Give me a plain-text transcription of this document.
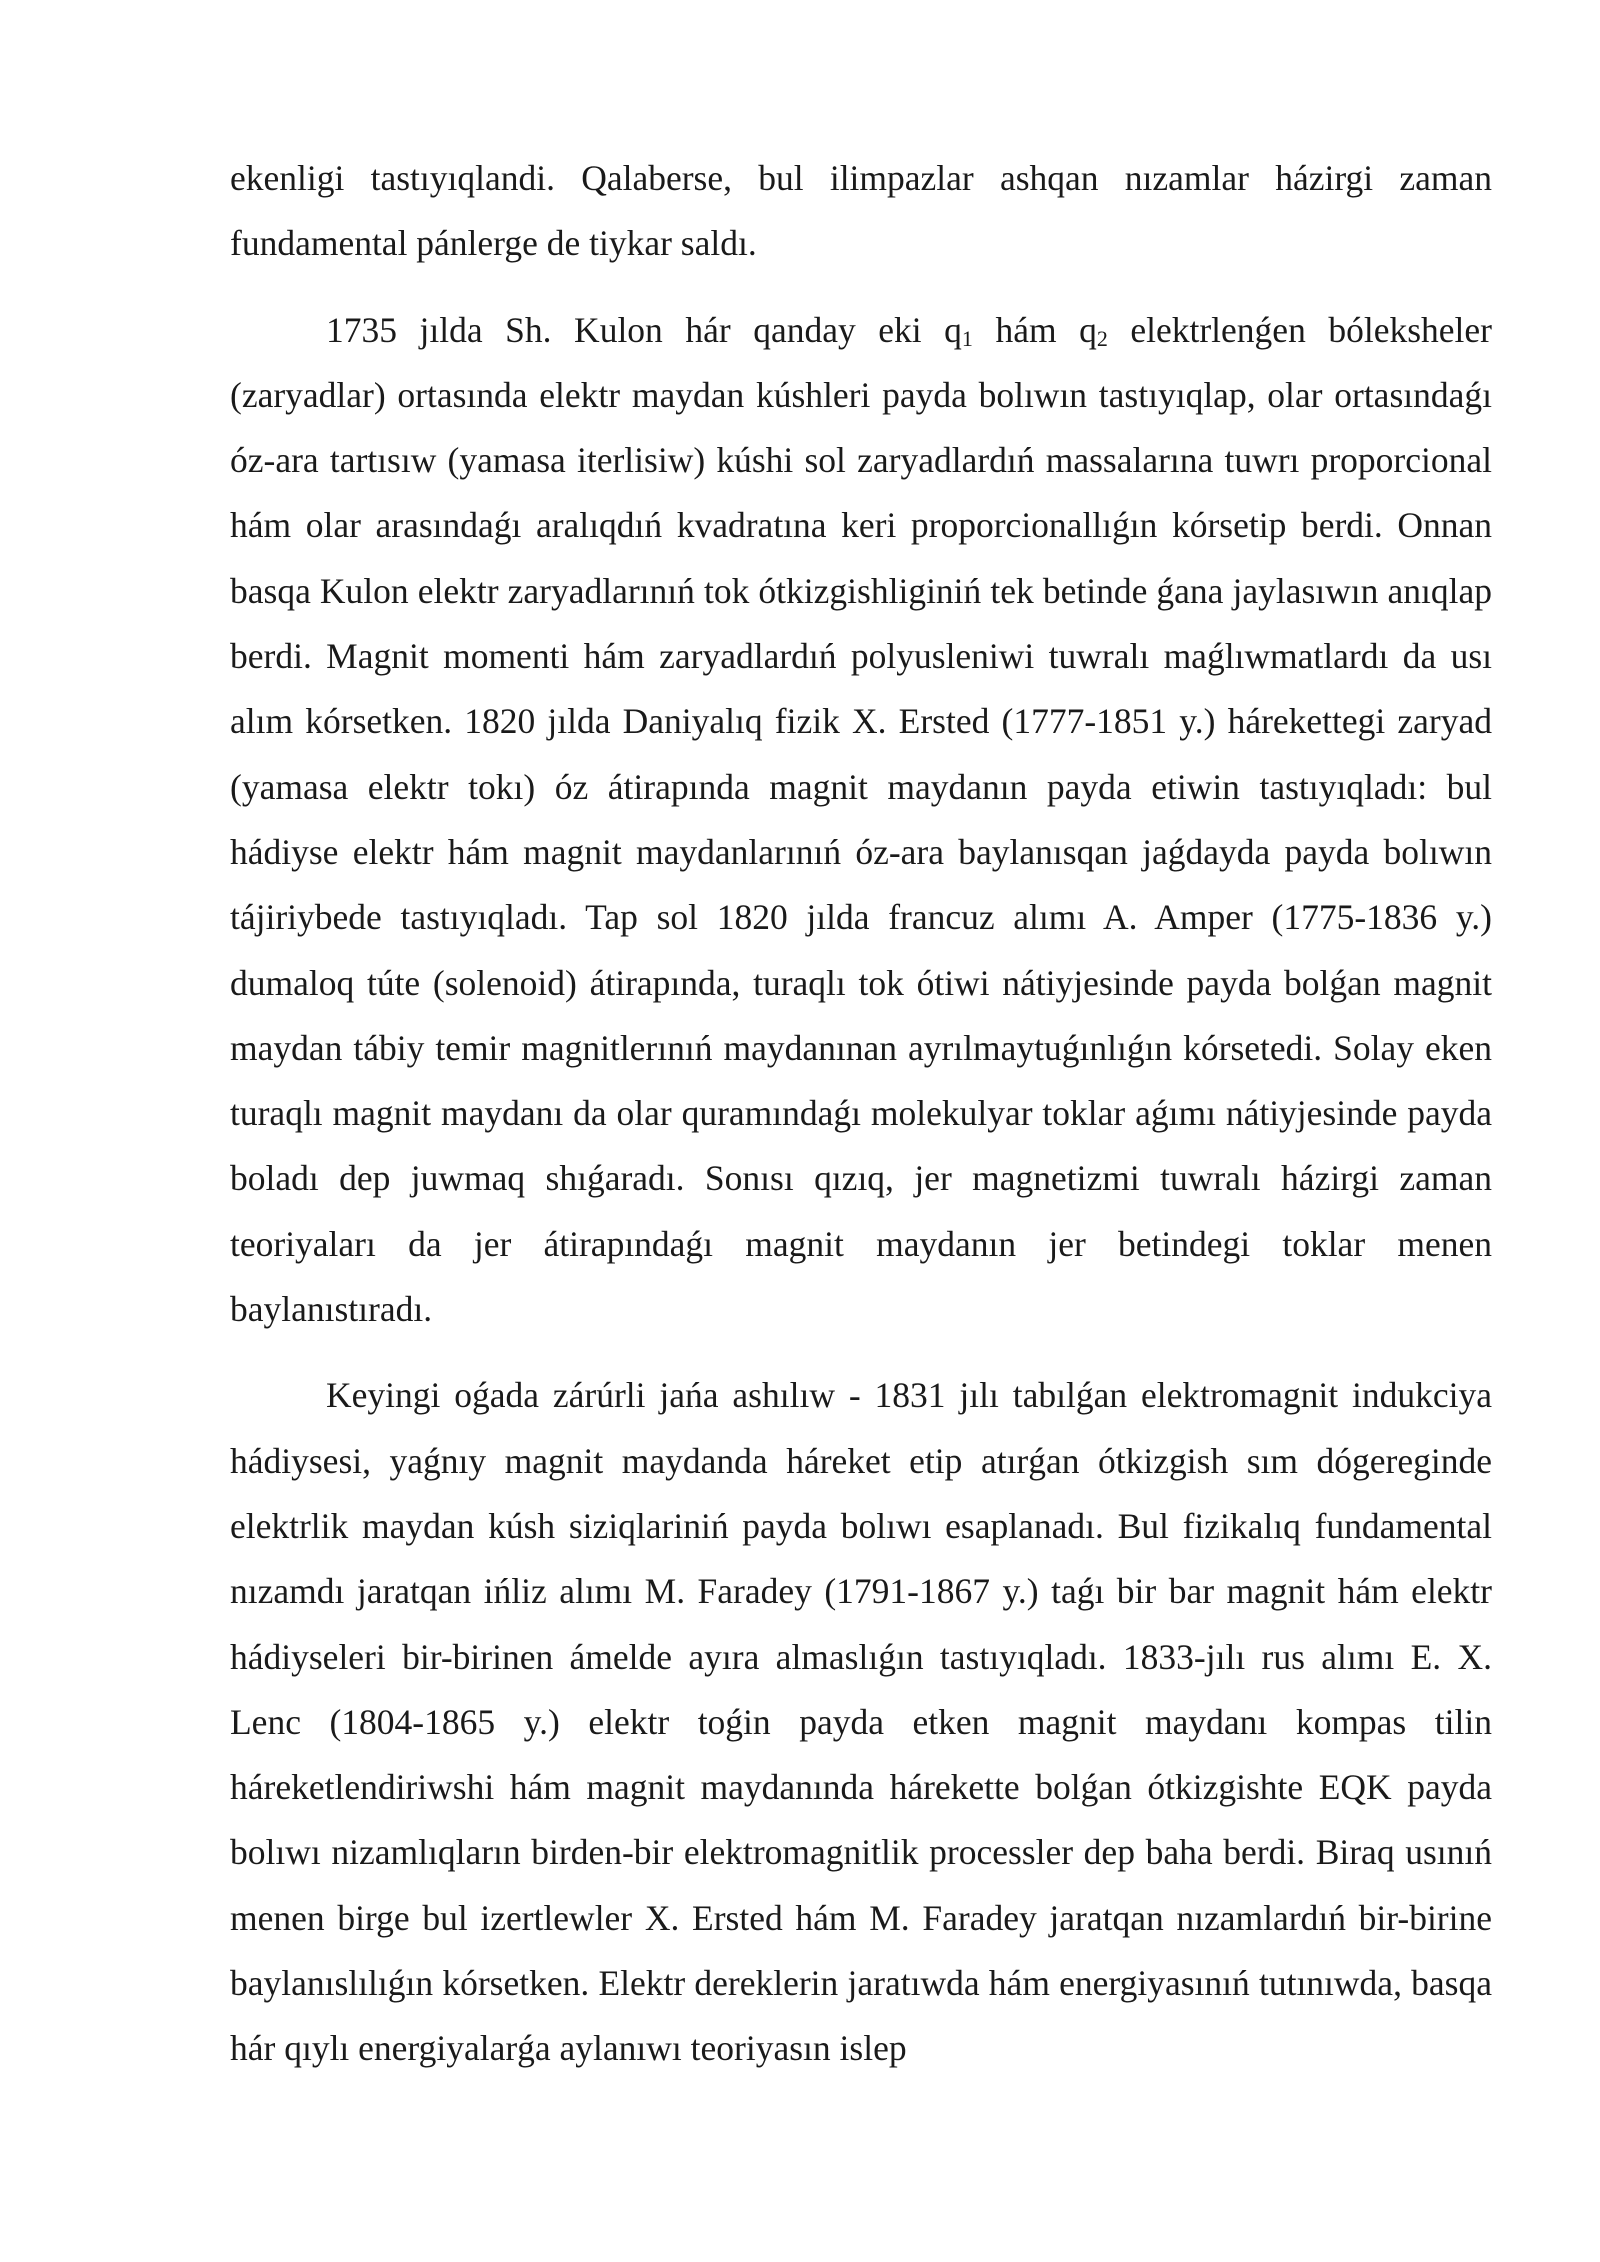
ekenligi tastıyıqlandi. Qalaberse, bul ilimpazlar ashqan nızamlar házirgi zaman fundamental pánlerge de tiykar saldı.

1735 jılda Sh. Kulon hár qanday eki q1 hám q2 elektrlenǵen bóleksheler (zaryadlar) ortasında elektr maydan kúshleri payda bolıwın tastıyıqlap, olar ortasındaǵı óz-ara tartısıw (yamasa iterlisiw) kúshi sol zaryadlardıń massalarına tuwrı proporcional hám olar arasındaǵı aralıqdıń kvadratına keri proporcionallıǵın kórsetip berdi. Onnan basqa Kulon elektr zaryadlarınıń tok ótkizgishliginiń tek betinde ǵana jaylasıwın anıqlap berdi. Magnit momenti hám zaryadlardıń polyusleniwi tuwralı maǵlıwmatlardı da usı alım kórsetken. 1820 jılda Daniyalıq fizik X. Ersted (1777-1851 y.) hárekettegi zaryad (yamasa elektr tokı) óz átirapında magnit maydanın payda etiwin tastıyıqladı: bul hádiyse elektr hám magnit maydanlarınıń óz-ara baylanısqan jaǵdayda payda bolıwın tájiriybede tastıyıqladı. Tap sol 1820 jılda francuz alımı A. Amper (1775-1836 y.) dumaloq túte (solenoid) átirapında, turaqlı tok ótiwi nátiyjesinde payda bolǵan magnit maydan tábiy temir magnitlerınıń maydanınan ayrılmaytuǵınlıǵın kórsetedi. Solay eken turaqlı magnit maydanı da olar quramındaǵı molekulyar toklar aǵımı nátiyjesinde payda boladı dep juwmaq shıǵaradı. Sonısı qızıq, jer magnetizmi tuwralı házirgi zaman teoriyaları da jer átirapındaǵı magnit maydanın jer betindegi toklar menen baylanıstıradı.

Keyingi oǵada zárúrli jańa ashılıw - 1831 jılı tabılǵan elektromagnit indukciya hádiysesi, yaǵnıy magnit maydanda háreket etip atırǵan ótkizgish sım dógereginde elektrlik maydan kúsh siziqlariniń payda bolıwı esaplanadı. Bul fizikalıq fundamental nızamdı jaratqan ińliz alımı M. Faradey (1791-1867 y.) taǵı bir bar magnit hám elektr hádiyseleri bir-birinen ámelde ayıra almaslıǵın tastıyıqladı. 1833-jılı rus alımı E. X. Lenc (1804-1865 y.) elektr toǵin payda etken magnit maydanı kompas tilin háreketlendiriwshi hám magnit maydanında hárekette bolǵan ótkizgishte EQK payda bolıwı nizamlıqların birden-bir elektromagnitlik processler dep baha berdi. Biraq usınıń menen birge bul izertlewler X. Ersted hám M. Faradey jaratqan nızamlardıń bir-birine baylanıslılıǵın kórsetken. Elektr dereklerin jaratıwda hám energiyasınıń tutınıwda, basqa hár qıylı energiyalarǵa aylanıwı teoriyasın islep
